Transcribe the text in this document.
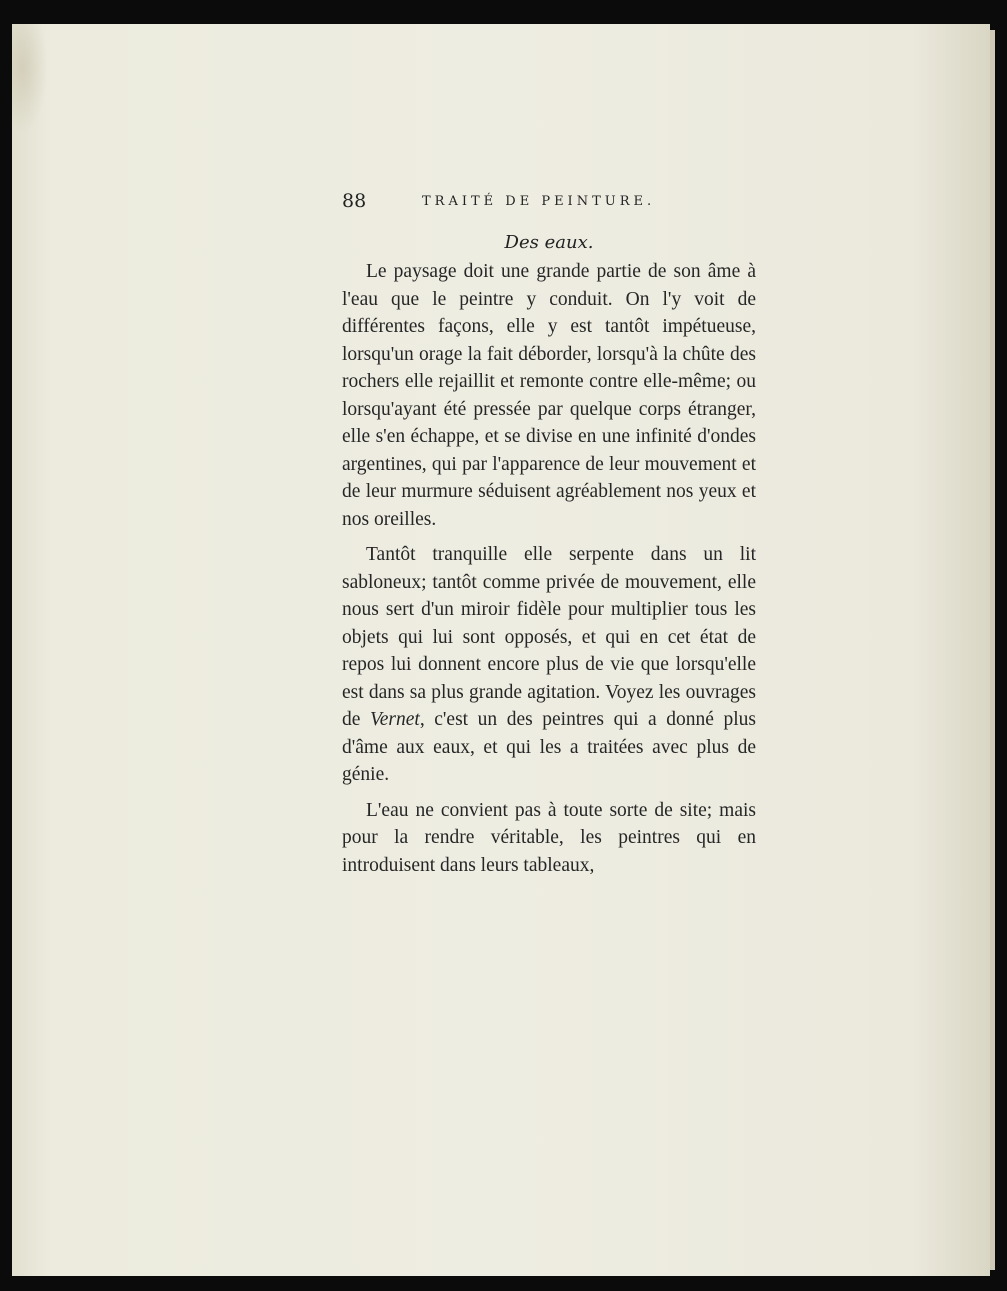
88	TRAITÉ DE PEINTURE.
Des eaux.

Le paysage doit une grande partie de son âme à l'eau que le peintre y conduit. On l'y voit de différentes façons, elle y est tantôt impétueuse, lorsqu'un orage la fait déborder, lorsqu'à la chûte des rochers elle rejaillit et remonte contre elle-même; ou lorsqu'ayant été pressée par quelque corps étranger, elle s'en échappe, et se divise en une infinité d'ondes argentines, qui par l'apparence de leur mouvement et de leur murmure séduisent agréablement nos yeux et nos oreilles.

Tantôt tranquille elle serpente dans un lit sabloneux; tantôt comme privée de mouvement, elle nous sert d'un miroir fidèle pour multiplier tous les objets qui lui sont opposés, et qui en cet état de repos lui donnent encore plus de vie que lorsqu'elle est dans sa plus grande agitation. Voyez les ouvrages de Vernet, c'est un des peintres qui a donné plus d'âme aux eaux, et qui les a traitées avec plus de génie.

L'eau ne convient pas à toute sorte de site; mais pour la rendre véritable, les peintres qui en introduisent dans leurs tableaux,
